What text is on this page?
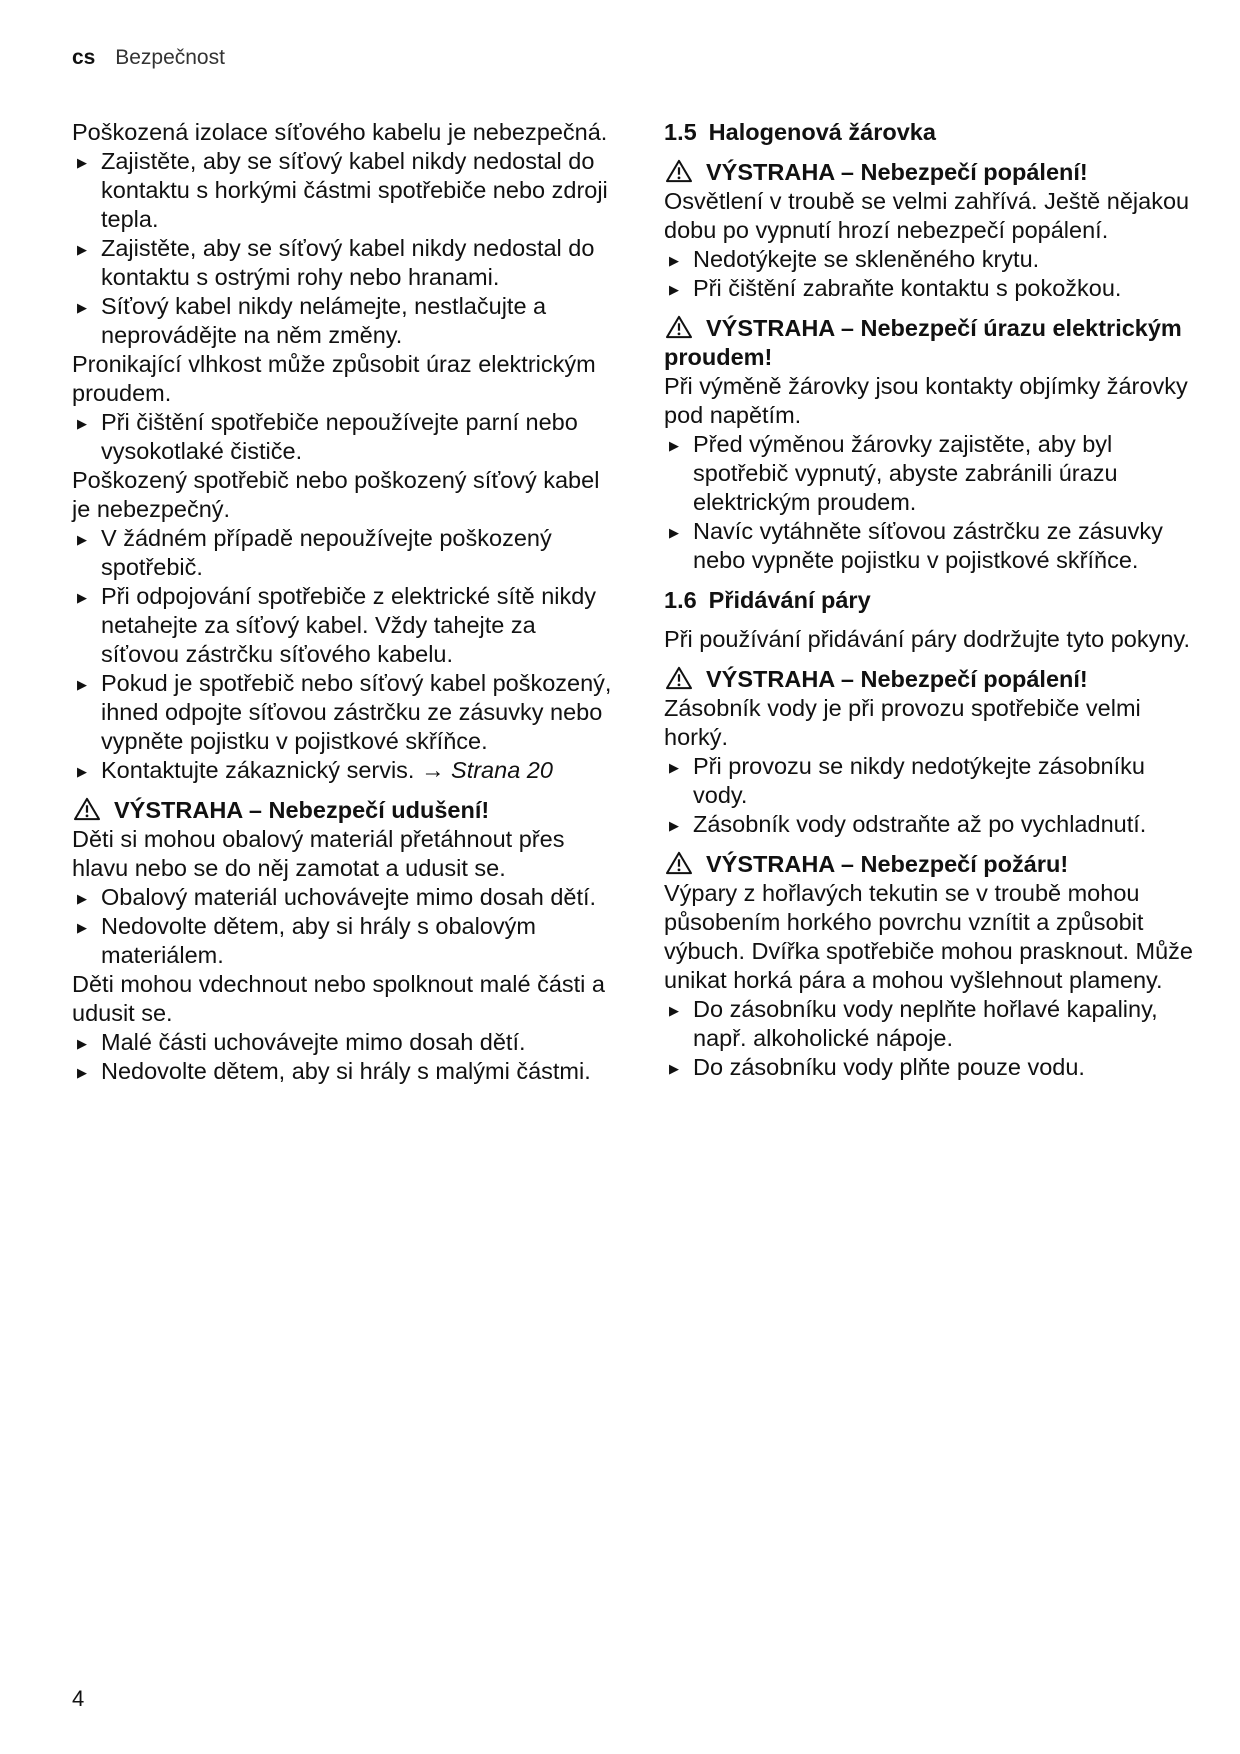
cs Bezpečnost

Poškozená izolace síťového kabelu je nebezpečná.

▶ Zajistěte, aby se síťový kabel nikdy nedostal do kontaktu s horkými částmi spotřebiče nebo zdroji tepla.
▶ Zajistěte, aby se síťový kabel nikdy nedostal do kontaktu s ostrými rohy nebo hranami.
▶ Síťový kabel nikdy nelámejte, nestlačujte a neprovádějte na něm změny.

Pronikající vlhkost může způsobit úraz elektrickým proudem.

▶ Při čištění spotřebiče nepoužívejte parní nebo vysokotlaké čističe.

Poškozený spotřebič nebo poškozený síťový kabel je nebezpečný.

▶ V žádném případě nepoužívejte poškozený spotřebič.
▶ Při odpojování spotřebiče z elektrické sítě nikdy netahejte za síťový kabel. Vždy tahejte za síťovou zástrčku síťového kabelu.
▶ Pokud je spotřebič nebo síťový kabel poškozený, ihned odpojte síťovou zástrčku ze zásuvky nebo vypněte pojistku v pojistkové skříňce.
▶ Kontaktujte zákaznický servis. → Strana 20
VÝSTRAHA – Nebezpečí udušení!

Děti si mohou obalový materiál přetáhnout přes hlavu nebo se do něj zamotat a udusit se.

▶ Obalový materiál uchovávejte mimo dosah dětí.
▶ Nedovolte dětem, aby si hrály s obalovým materiálem.

Děti mohou vdechnout nebo spolknout malé části a udusit se.

▶ Malé části uchovávejte mimo dosah dětí.
▶ Nedovolte dětem, aby si hrály s malými částmi.
1.5 Halogenová žárovka
VÝSTRAHA – Nebezpečí popálení!

Osvětlení v troubě se velmi zahřívá. Ještě nějakou dobu po vypnutí hrozí nebezpečí popálení.

▶ Nedotýkejte se skleněného krytu.
▶ Při čištění zabraňte kontaktu s pokožkou.
VÝSTRAHA – Nebezpečí úrazu elektrickým proudem!

Při výměně žárovky jsou kontakty objímky žárovky pod napětím.

▶ Před výměnou žárovky zajistěte, aby byl spotřebič vypnutý, abyste zabránili úrazu elektrickým proudem.
▶ Navíc vytáhněte síťovou zástrčku ze zásuvky nebo vypněte pojistku v pojistkové skříňce.
1.6 Přidávání páry

Při používání přidávání páry dodržujte tyto pokyny.

VÝSTRAHA – Nebezpečí popálení!

Zásobník vody je při provozu spotřebiče velmi horký.

▶ Při provozu se nikdy nedotýkejte zásobníku vody.
▶ Zásobník vody odstraňte až po vychladnutí.
VÝSTRAHA – Nebezpečí požáru!

Výpary z hořlavých tekutin se v troubě mohou působením horkého povrchu vznítit a způsobit výbuch. Dvířka spotřebiče mohou prasknout. Může unikat horká pára a mohou vyšlehnout plameny.

▶ Do zásobníku vody neplňte hořlavé kapaliny, např. alkoholické nápoje.
▶ Do zásobníku vody plňte pouze vodu.
4
